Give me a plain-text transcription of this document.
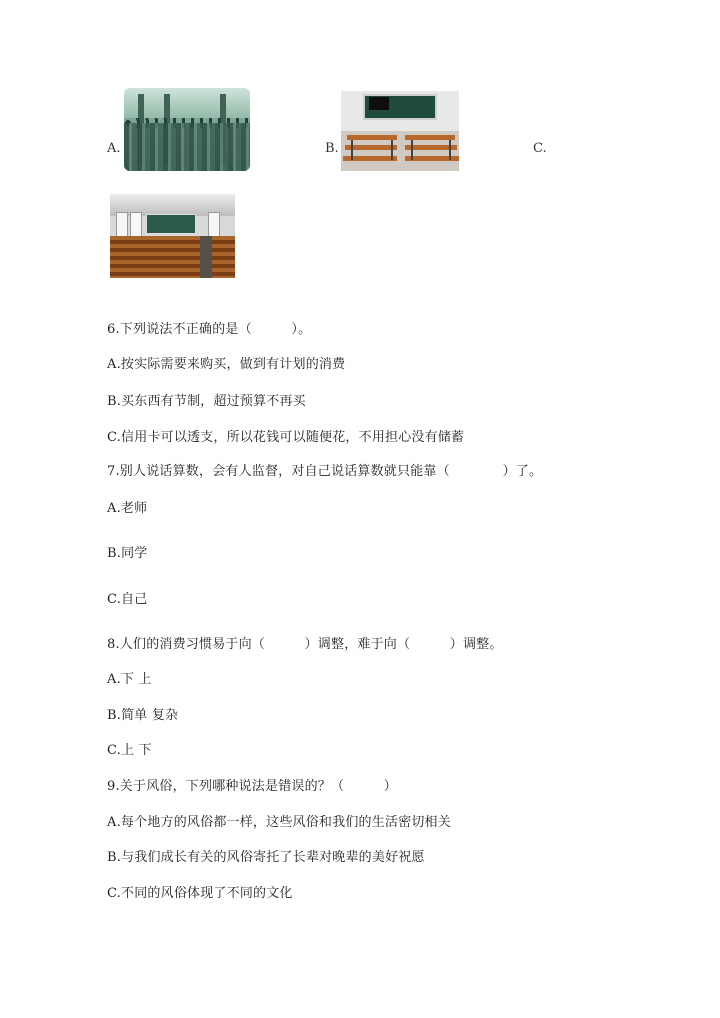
A.	B.	C.
6.下列说法不正确的是（　　　）。
A.按实际需要来购买，做到有计划的消费
B.买东西有节制，超过预算不再买
C.信用卡可以透支，所以花钱可以随便花，不用担心没有储蓄
7.别人说话算数，会有人监督，对自己说话算数就只能靠（　　　　）了。
A.老师
B.同学
C.自己
8.人们的消费习惯易于向（　　　）调整，难于向（　　　）调整。
A.下 上
B.简单 复杂
C.上 下
9.关于风俗，下列哪种说法是错误的？（　　　）
A.每个地方的风俗都一样，这些风俗和我们的生活密切相关
B.与我们成长有关的风俗寄托了长辈对晚辈的美好祝愿
C.不同的风俗体现了不同的文化
